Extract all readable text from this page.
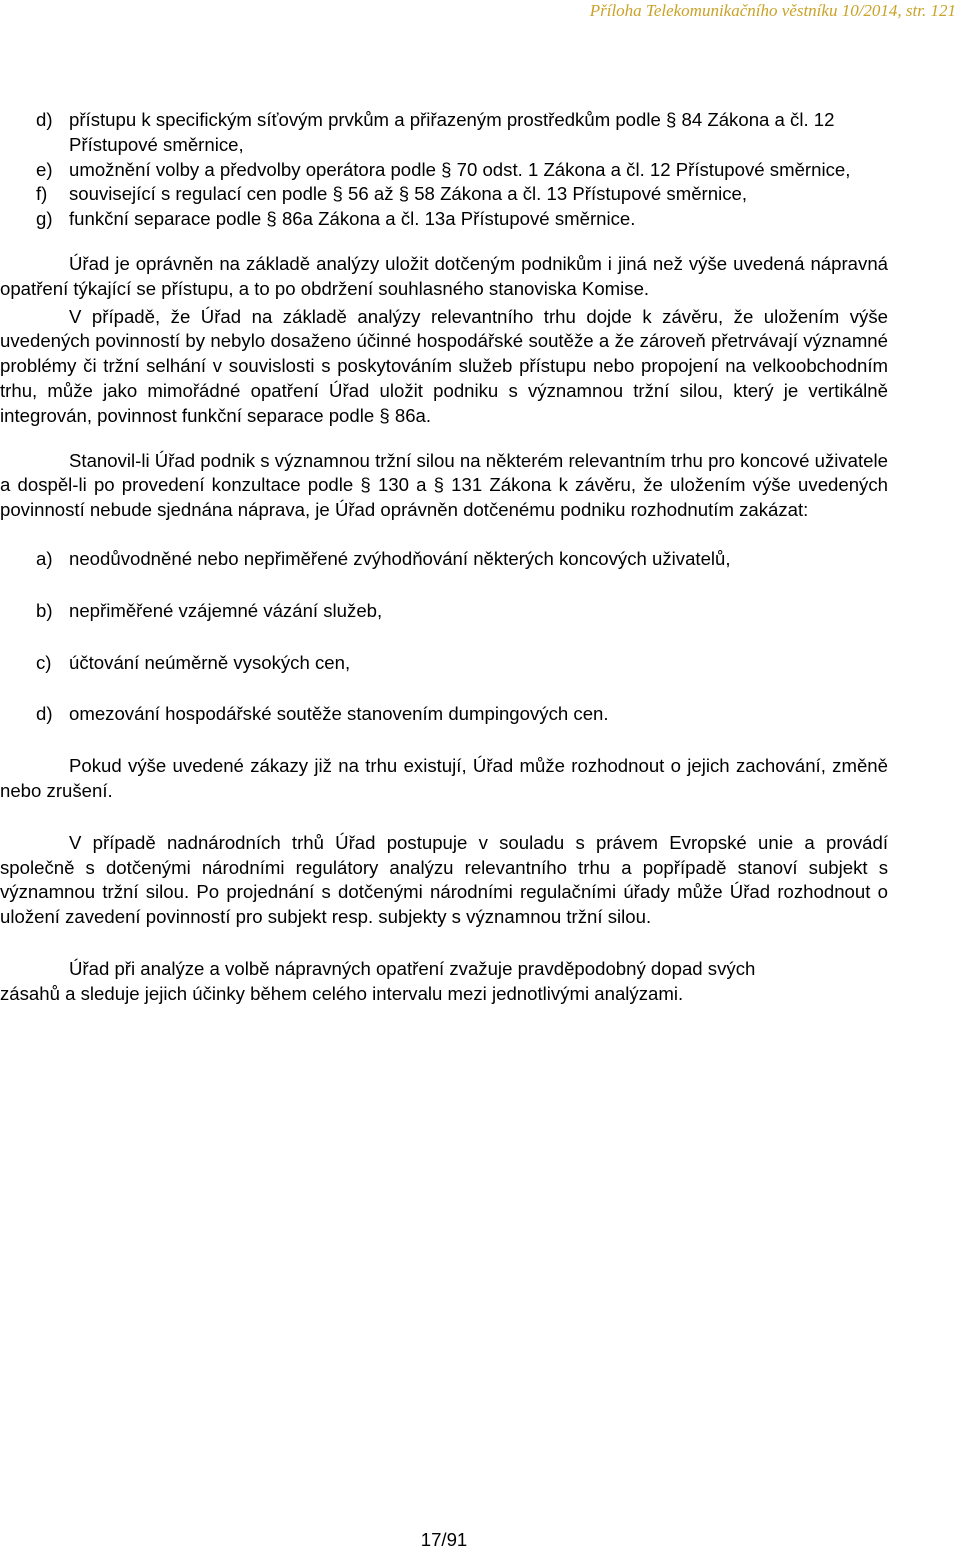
Příloha Telekomunikačního věstníku 10/2014, str. 121
d) přístupu k specifickým síťovým prvkům a přiřazeným prostředkům podle § 84 Zákona a čl. 12 Přístupové směrnice,
e) umožnění volby a předvolby operátora podle § 70 odst. 1 Zákona a čl. 12 Přístupové směrnice,
f) související s regulací cen podle § 56 až § 58 Zákona a čl. 13 Přístupové směrnice,
g) funkční separace podle § 86a Zákona a čl. 13a Přístupové směrnice.

Úřad je oprávněn na základě analýzy uložit dotčeným podnikům i jiná než výše uvedená nápravná opatření týkající se přístupu, a to po obdržení souhlasného stanoviska Komise.

V případě, že Úřad na základě analýzy relevantního trhu dojde k závěru, že uložením výše uvedených povinností by nebylo dosaženo účinné hospodářské soutěže a že zároveň přetrvávají významné problémy či tržní selhání v souvislosti s poskytováním služeb přístupu nebo propojení na velkoobchodním trhu, může jako mimořádné opatření Úřad uložit podniku s významnou tržní silou, který je vertikálně integrován, povinnost funkční separace podle § 86a.

Stanovil-li Úřad podnik s významnou tržní silou na některém relevantním trhu pro koncové uživatele a dospěl-li po provedení konzultace podle § 130 a § 131 Zákona k závěru, že uložením výše uvedených povinností nebude sjednána náprava, je Úřad oprávněn dotčenému podniku rozhodnutím zakázat:

a) neodůvodněné nebo nepřiměřené zvýhodňování některých koncových uživatelů,
b) nepřiměřené vzájemné vázání služeb,
c) účtování neúměrně vysokých cen,
d) omezování hospodářské soutěže stanovením dumpingových cen.

Pokud výše uvedené zákazy již na trhu existují, Úřad může rozhodnout o jejich zachování, změně nebo zrušení.

V případě nadnárodních trhů Úřad postupuje v souladu s právem Evropské unie a provádí společně s dotčenými národními regulátory analýzu relevantního trhu a popřípadě stanoví subjekt s významnou tržní silou. Po projednání s dotčenými národními regulačními úřady může Úřad rozhodnout o uložení zavedení povinností pro subjekt resp. subjekty s významnou tržní silou.

Úřad při analýze a volbě nápravných opatření zvažuje pravděpodobný dopad svých zásahů a sleduje jejich účinky během celého intervalu mezi jednotlivými analýzami.

17/91
